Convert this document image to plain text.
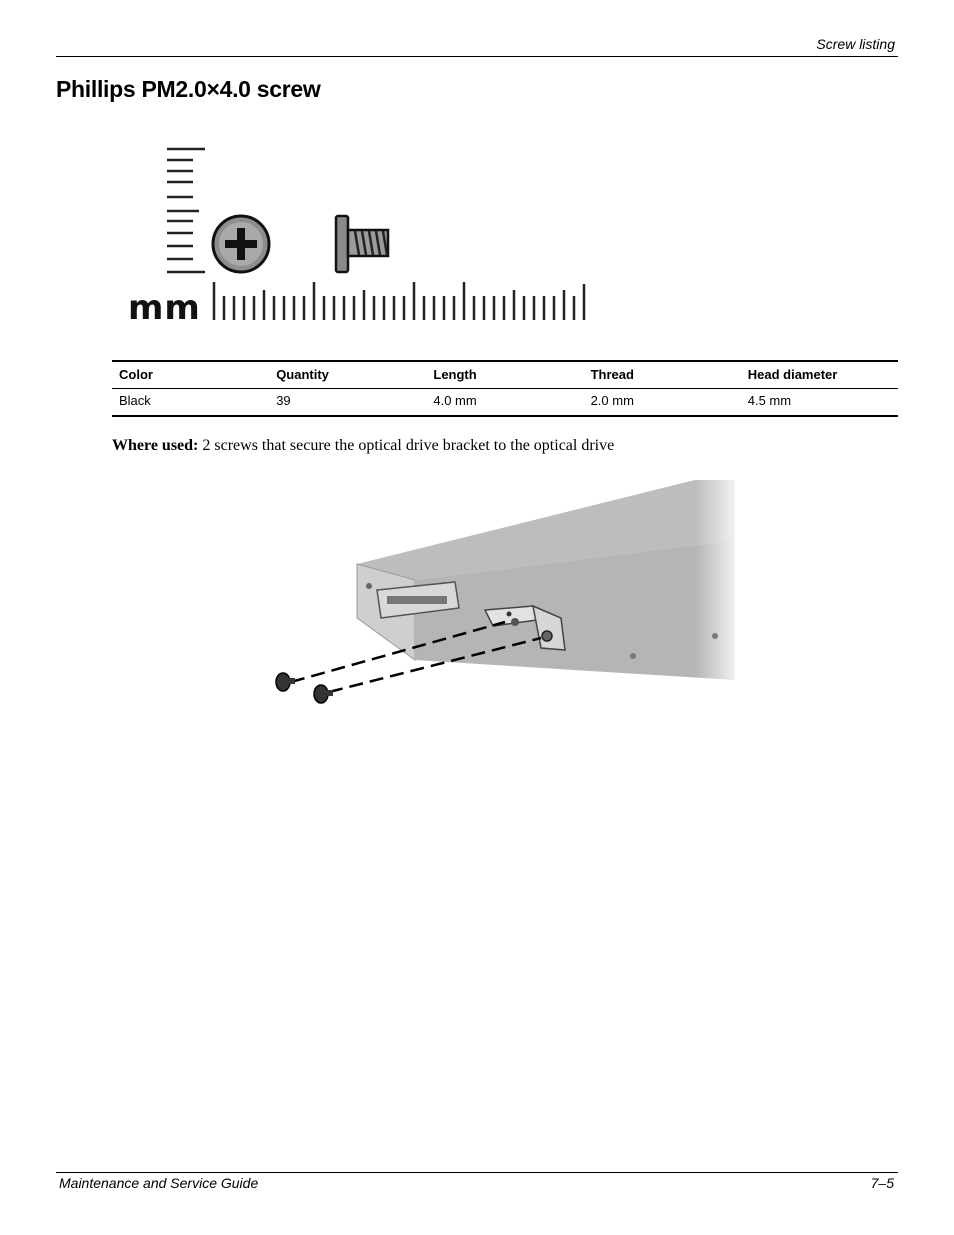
Screw listing
Phillips PM2.0×4.0 screw
mm
Color	Quantity	Length	Thread	Head diameter
Black	39	4.0 mm	2.0 mm	4.5 mm

Where used: 2 screws that secure the optical drive bracket to the optical drive

Maintenance and Service Guide	7–5
